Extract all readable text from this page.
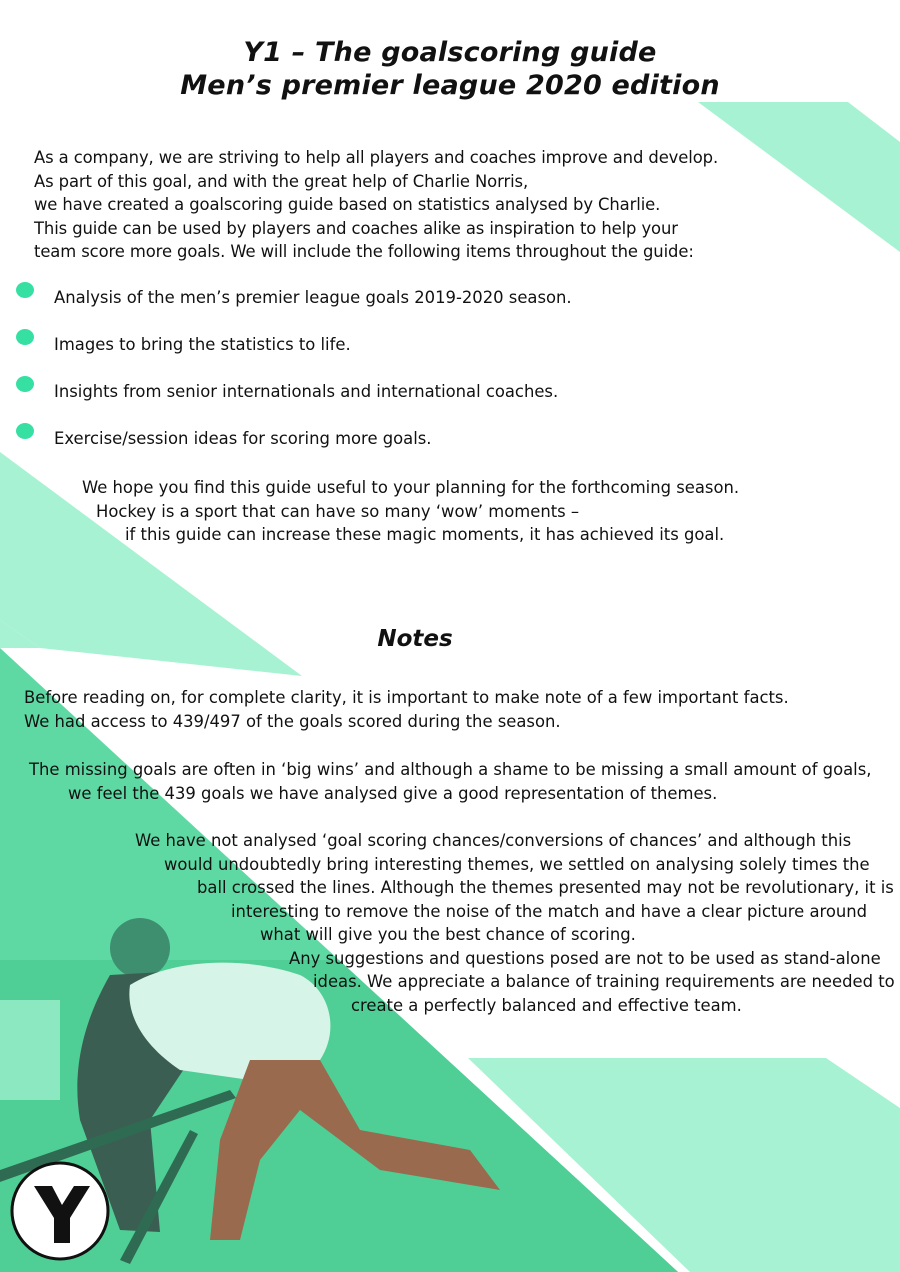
Y1 – The goalscoring guide
Men’s premier league 2020 edition
As a company, we are striving to help all players and coaches improve and develop.
As part of this goal, and with the great help of Charlie Norris,
we have created a goalscoring guide based on statistics analysed by Charlie.
This guide can be used by players and coaches alike as inspiration to help your
team score more goals. We will include the following items throughout the guide:
Analysis of the men’s premier league goals 2019-2020 season.
Images to bring the statistics to life.
Insights from senior internationals and international coaches.
Exercise/session ideas for scoring more goals.
We hope you find this guide useful to your planning for the forthcoming season.
Hockey is a sport that can have so many ‘wow’ moments –
if this guide can increase these magic moments, it has achieved its goal.
Notes
Before reading on, for complete clarity, it is important to make note of a few important facts.
We had access to 439/497 of the goals scored during the season.
The missing goals are often in ‘big wins’ and although a shame to be missing a small amount of goals,
we feel the 439 goals we have analysed give a good representation of themes.
We have not analysed ‘goal scoring chances/conversions of chances’ and although this
would undoubtedly bring interesting themes, we settled on analysing solely times the
ball crossed the lines. Although the themes presented may not be revolutionary, it is
interesting to remove the noise of the match and have a clear picture around
what will give you the best chance of scoring.
Any suggestions and questions posed are not to be used as stand-alone
ideas. We appreciate a balance of training requirements are needed to
create a perfectly balanced and effective team.
